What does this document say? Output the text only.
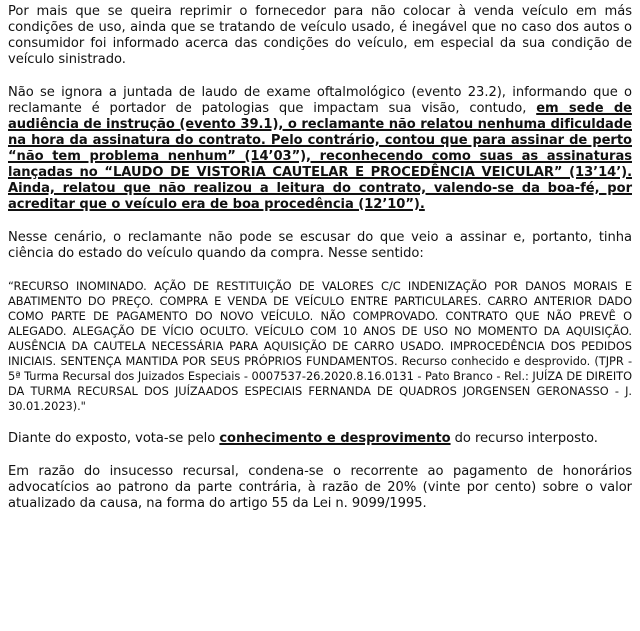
Por mais que se queira reprimir o fornecedor para não colocar à venda veículo em más condições de uso, ainda que se tratando de veículo usado, é inegável que no caso dos autos o consumidor foi informado acerca das condições do veículo, em especial da sua condição de veículo sinistrado.

Não se ignora a juntada de laudo de exame oftalmológico (evento 23.2), informando que o reclamante é portador de patologias que impactam sua visão, contudo, em sede de audiência de instrução (evento 39.1), o reclamante não relatou nenhuma dificuldade na hora da assinatura do contrato. Pelo contrário, contou que para assinar de perto “não tem problema nenhum” (14’03”), reconhecendo como suas as assinaturas lançadas no “LAUDO DE VISTORIA CAUTELAR E PROCEDÊNCIA VEICULAR” (13’14’). Ainda, relatou que não realizou a leitura do contrato, valendo-se da boa-fé, por acreditar que o veículo era de boa procedência (12’10”).

Nesse cenário, o reclamante não pode se escusar do que veio a assinar e, portanto, tinha ciência do estado do veículo quando da compra. Nesse sentido:

“RECURSO INOMINADO. AÇÃO DE RESTITUIÇÃO DE VALORES C/C INDENIZAÇÃO POR DANOS MORAIS E ABATIMENTO DO PREÇO. COMPRA E VENDA DE VEÍCULO ENTRE PARTICULARES. CARRO ANTERIOR DADO COMO PARTE DE PAGAMENTO DO NOVO VEÍCULO. NÃO COMPROVADO. CONTRATO QUE NÃO PREVÊ O ALEGADO. ALEGAÇÃO DE VÍCIO OCULTO. VEÍCULO COM 10 ANOS DE USO NO MOMENTO DA AQUISIÇÃO. AUSÊNCIA DA CAUTELA NECESSÁRIA PARA AQUISIÇÃO DE CARRO USADO. IMPROCEDÊNCIA DOS PEDIDOS INICIAIS. SENTENÇA MANTIDA POR SEUS PRÓPRIOS FUNDAMENTOS. Recurso conhecido e desprovido. (TJPR - 5ª Turma Recursal dos Juizados Especiais - 0007537-26.2020.8.16.0131 - Pato Branco - Rel.: JUÍZA DE DIREITO DA TURMA RECURSAL DOS JUÍZAADOS ESPECIAIS FERNANDA DE QUADROS JORGENSEN GERONASSO - J. 30.01.2023)."

Diante do exposto, vota-se pelo conhecimento e desprovimento do recurso interposto.

Em razão do insucesso recursal, condena-se o recorrente ao pagamento de honorários advocatícios ao patrono da parte contrária, à razão de 20% (vinte por cento) sobre o valor atualizado da causa, na forma do artigo 55 da Lei n. 9099/1995.
